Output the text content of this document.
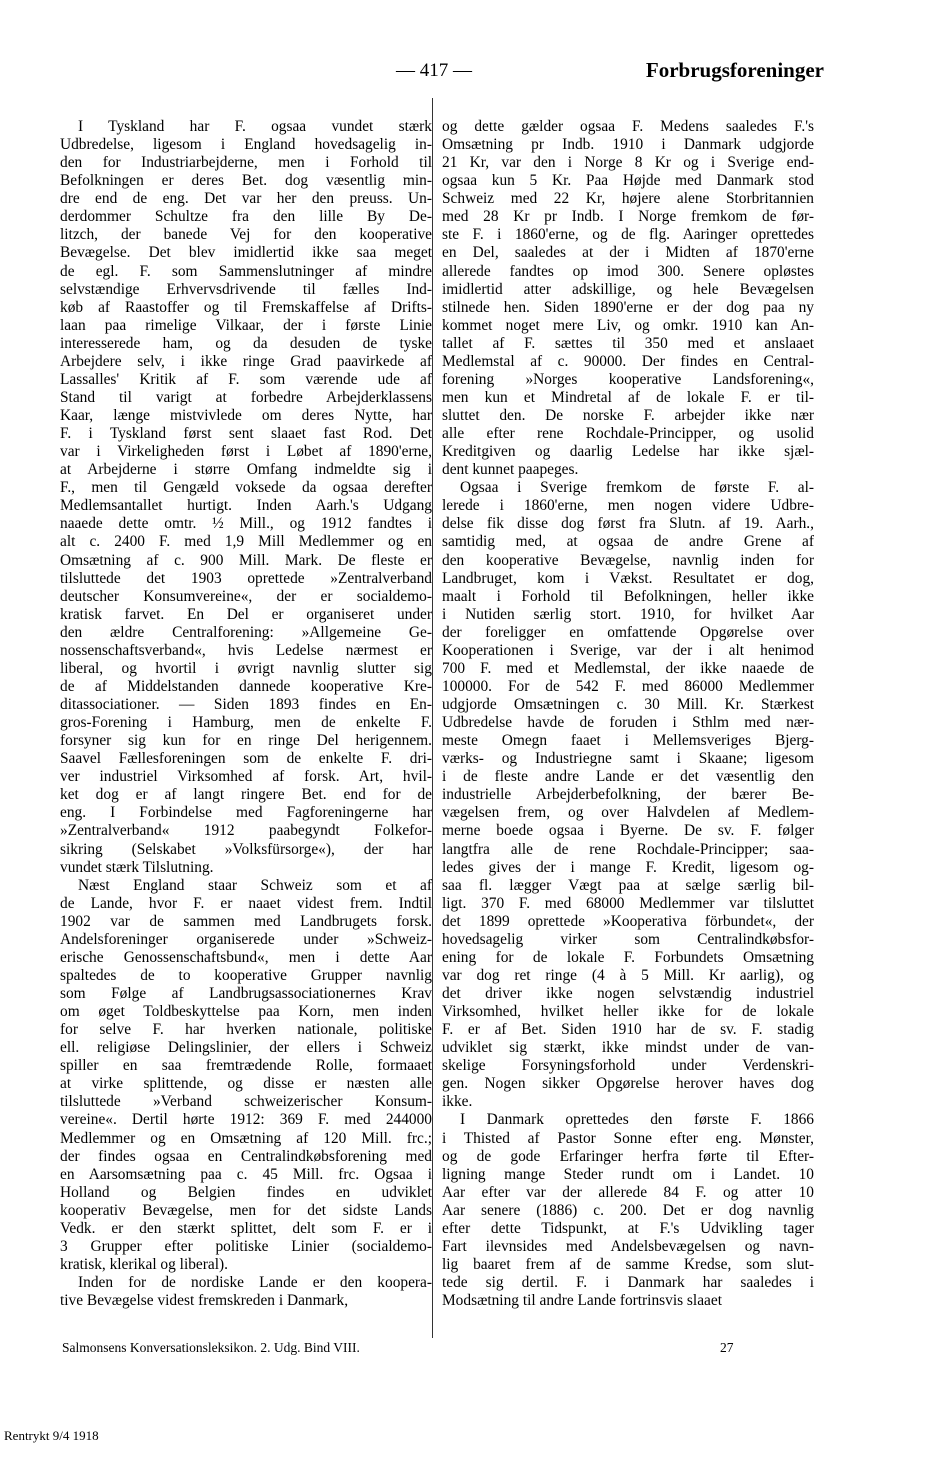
— 417 —	Forbrugsforeninger
I Tyskland har F. ogsaa vundet stærk
Udbredelse, ligesom i England hovedsagelig in-
den for Industriarbejderne, men i Forhold til
Befolkningen er deres Bet. dog væsentlig min-
dre end de eng. Det var her den preuss. Un-
derdommer Schultze fra den lille By De-
litzch, der banede Vej for den kooperative
Bevægelse. Det blev imidlertid ikke saa meget
de egl. F. som Sammenslutninger af mindre
selvstændige Erhvervsdrivende til fælles Ind-
køb af Raastoffer og til Fremskaffelse af Drifts-
laan paa rimelige Vilkaar, der i første Linie
interesserede ham, og da desuden de tyske
Arbejdere selv, i ikke ringe Grad paavirkede af
Lassalles' Kritik af F. som værende ude af
Stand til varigt at forbedre Arbejderklassens
Kaar, længe mistvivlede om deres Nytte, har
F. i Tyskland først sent slaaet fast Rod. Det
var i Virkeligheden først i Løbet af 1890'erne,
at Arbejderne i større Omfang indmeldte sig i
F., men til Gengæld voksede da ogsaa derefter
Medlemsantallet hurtigt. Inden Aarh.'s Udgang
naaede dette omtr. ½ Mill., og 1912 fandtes i
alt c. 2400 F. med 1,9 Mill Medlemmer og en
Omsætning af c. 900 Mill. Mark. De fleste er
tilsluttede det 1903 oprettede »Zentralverband
deutscher Konsumvereine«, der er socialdemo-
kratisk farvet. En Del er organiseret under
den ældre Centralforening: »Allgemeine Ge-
nossenschaftsverband«, hvis Ledelse nærmest er
liberal, og hvortil i øvrigt navnlig slutter sig
de af Middelstanden dannede kooperative Kre-
ditassociationer. — Siden 1893 findes en En-
gros-Forening i Hamburg, men de enkelte F.
forsyner sig kun for en ringe Del herigennem.
Saavel Fællesforeningen som de enkelte F. dri-
ver industriel Virksomhed af forsk. Art, hvil-
ket dog er af langt ringere Bet. end for de
eng. I Forbindelse med Fagforeningerne har
»Zentralverband« 1912 paabegyndt Folkefor-
sikring (Selskabet »Volksfürsorge«), der har
vundet stærk Tilslutning.
Næst England staar Schweiz som et af
de Lande, hvor F. er naaet videst frem. Indtil
1902 var de sammen med Landbrugets forsk.
Andelsforeninger organiserede under »Schweiz-
erische Genossenschaftsbund«, men i dette Aar
spaltedes de to kooperative Grupper navnlig
som Følge af Landbrugsassociationernes Krav
om øget Toldbeskyttelse paa Korn, men inden
for selve F. har hverken nationale, politiske
ell. religiøse Delingslinier, der ellers i Schweiz
spiller en saa fremtrædende Rolle, formaaet
at virke splittende, og disse er næsten alle
tilsluttede »Verband schweizerischer Konsum-
vereine«. Dertil hørte 1912: 369 F. med 244000
Medlemmer og en Omsætning af 120 Mill. frc.;
der findes ogsaa en Centralindkøbsforening med
en Aarsomsætning paa c. 45 Mill. frc. Ogsaa i
Holland og Belgien findes en udviklet
kooperativ Bevægelse, men for det sidste Lands
Vedk. er den stærkt splittet, delt som F. er i
3 Grupper efter politiske Linier (socialdemo-
kratisk, klerikal og liberal).
Inden for de nordiske Lande er den koopera-
tive Bevægelse videst fremskreden i Danmark,
og dette gælder ogsaa F. Medens saaledes F.'s
Omsætning pr Indb. 1910 i Danmark udgjorde
21 Kr, var den i Norge 8 Kr og i Sverige end-
ogsaa kun 5 Kr. Paa Højde med Danmark stod
Schweiz med 22 Kr, højere alene Storbritannien
med 28 Kr pr Indb. I Norge fremkom de før-
ste F. i 1860'erne, og de flg. Aaringer oprettedes
en Del, saaledes at der i Midten af 1870'erne
allerede fandtes op imod 300. Senere opløstes
imidlertid atter adskillige, og hele Bevægelsen
stilnede hen. Siden 1890'erne er der dog paa ny
kommet noget mere Liv, og omkr. 1910 kan An-
tallet af F. sættes til 350 med et anslaaet
Medlemstal af c. 90000. Der findes en Central-
forening »Norges kooperative Landsforening«,
men kun et Mindretal af de lokale F. er til-
sluttet den. De norske F. arbejder ikke nær
alle efter rene Rochdale-Principper, og usolid
Kreditgiven og daarlig Ledelse har ikke sjæl-
dent kunnet paapeges.
Ogsaa i Sverige fremkom de første F. al-
lerede i 1860'erne, men nogen videre Udbre-
delse fik disse dog først fra Slutn. af 19. Aarh.,
samtidig med, at ogsaa de andre Grene af
den kooperative Bevægelse, navnlig inden for
Landbruget, kom i Vækst. Resultatet er dog,
maalt i Forhold til Befolkningen, heller ikke
i Nutiden særlig stort. 1910, for hvilket Aar
der foreligger en omfattende Opgørelse over
Kooperationen i Sverige, var der i alt henimod
700 F. med et Medlemstal, der ikke naaede de
100000. For de 542 F. med 86000 Medlemmer
udgjorde Omsætningen c. 30 Mill. Kr. Stærkest
Udbredelse havde de foruden i Sthlm med nær-
meste Omegn faaet i Mellemsveriges Bjerg-
værks- og Industriegne samt i Skaane; ligesom
i de fleste andre Lande er det væsentlig den
industrielle Arbejderbefolkning, der bærer Be-
vægelsen frem, og over Halvdelen af Medlem-
merne boede ogsaa i Byerne. De sv. F. følger
langtfra alle de rene Rochdale-Principper; saa-
ledes gives der i mange F. Kredit, ligesom og-
saa fl. lægger Vægt paa at sælge særlig bil-
ligt. 370 F. med 68000 Medlemmer var tilsluttet
det 1899 oprettede »Kooperativa förbundet«, der
hovedsagelig virker som Centralindkøbsfor-
ening for de lokale F. Forbundets Omsætning
var dog ret ringe (4 à 5 Mill. Kr aarlig), og
det driver ikke nogen selvstændig industriel
Virksomhed, hvilket heller ikke for de lokale
F. er af Bet. Siden 1910 har de sv. F. stadig
udviklet sig stærkt, ikke mindst under de van-
skelige Forsyningsforhold under Verdenskri-
gen. Nogen sikker Opgørelse herover haves dog
ikke.
I Danmark oprettedes den første F. 1866
i Thisted af Pastor Sonne efter eng. Mønster,
og de gode Erfaringer herfra førte til Efter-
ligning mange Steder rundt om i Landet. 10
Aar efter var der allerede 84 F. og atter 10
Aar senere (1886) c. 200. Det er dog navnlig
efter dette Tidspunkt, at F.'s Udvikling tager
Fart ilevnsides med Andelsbevægelsen og navn-
lig baaret frem af de samme Kredse, som slut-
tede sig dertil. F. i Danmark har saaledes i
Modsætning til andre Lande fortrinsvis slaaet
Salmonsens Konversationsleksikon. 2. Udg. Bind VIII.	27
Rentrykt 9/4 1918
